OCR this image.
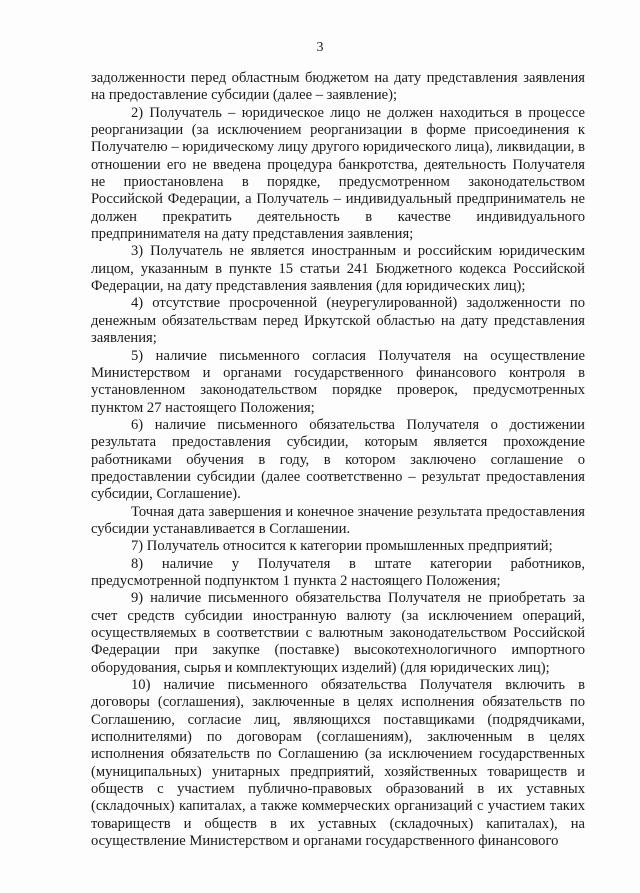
3

задолженности перед областным бюджетом на дату представления заявления на предоставление субсидии (далее – заявление);

2) Получатель – юридическое лицо не должен находиться в процессе реорганизации (за исключением реорганизации в форме присоединения к Получателю – юридическому лицу другого юридического лица), ликвидации, в отношении его не введена процедура банкротства, деятельность Получателя не приостановлена в порядке, предусмотренном законодательством Российской Федерации, а Получатель – индивидуальный предприниматель не должен прекратить деятельность в качестве индивидуального предпринимателя на дату представления заявления;

3) Получатель не является иностранным и российским юридическим лицом, указанным в пункте 15 статьи 241 Бюджетного кодекса Российской Федерации, на дату представления заявления (для юридических лиц);

4) отсутствие просроченной (неурегулированной) задолженности по денежным обязательствам перед Иркутской областью на дату представления заявления;

5) наличие письменного согласия Получателя на осуществление Министерством и органами государственного финансового контроля в установленном законодательством порядке проверок, предусмотренных пунктом 27 настоящего Положения;

6) наличие письменного обязательства Получателя о достижении результата предоставления субсидии, которым является прохождение работниками обучения в году, в котором заключено соглашение о предоставлении субсидии (далее соответственно – результат предоставления субсидии, Соглашение).

Точная дата завершения и конечное значение результата предоставления субсидии устанавливается в Соглашении.

7) Получатель относится к категории промышленных предприятий;

8) наличие у Получателя в штате категории работников, предусмотренной подпунктом 1 пункта 2 настоящего Положения;

9) наличие письменного обязательства Получателя не приобретать за счет средств субсидии иностранную валюту (за исключением операций, осуществляемых в соответствии с валютным законодательством Российской Федерации при закупке (поставке) высокотехнологичного импортного оборудования, сырья и комплектующих изделий) (для юридических лиц);

10) наличие письменного обязательства Получателя включить в договоры (соглашения), заключенные в целях исполнения обязательств по Соглашению, согласие лиц, являющихся поставщиками (подрядчиками, исполнителями) по договорам (соглашениям), заключенным в целях исполнения обязательств по Соглашению (за исключением государственных (муниципальных) унитарных предприятий, хозяйственных товариществ и обществ с участием публично-правовых образований в их уставных (складочных) капиталах, а также коммерческих организаций с участием таких товариществ и обществ в их уставных (складочных) капиталах), на осуществление Министерством и органами государственного финансового
